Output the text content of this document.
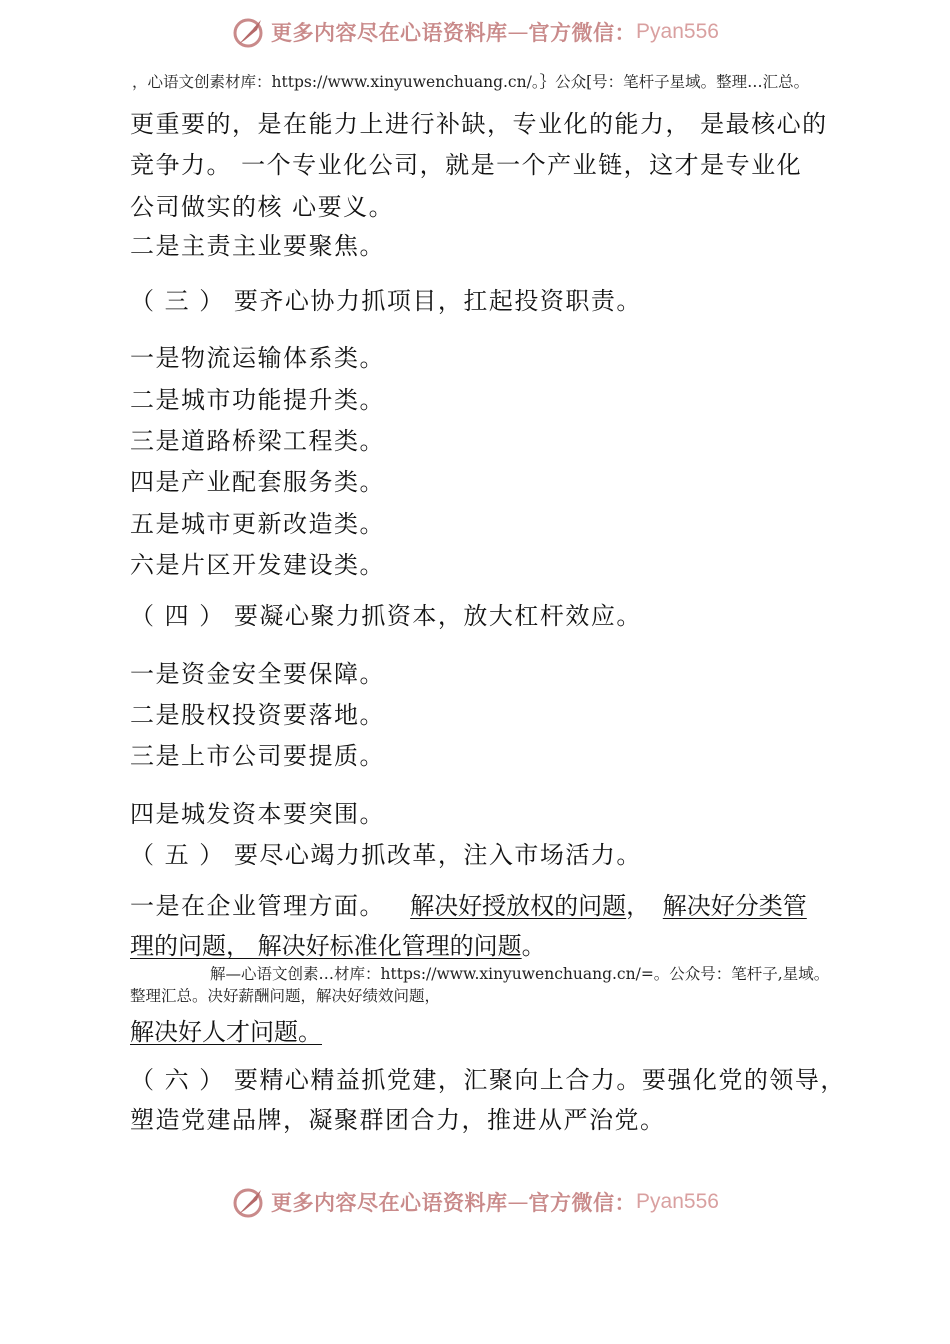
更多内容尽在心语资料库 — 官方微信： Pyan556
，心语文创素材库：https://www.xinyuwenchuang.cn/。｝公众[号：笔杆子星域。整理…汇总。
更重要的，是在能力上进行补缺，专业化的能力， 是最核心的
竞争力。 一个专业化公司，就是一个产业链，这才是专业化
公司做实的核 心要义。
二是主责主业要聚焦。
（ 三 ） 要齐心协力抓项目，扛起投资职责。
一是物流运输体系类。
二是城市功能提升类。
三是道路桥梁工程类。
四是产业配套服务类。
五是城市更新改造类。
六是片区开发建设类。
（ 四 ） 要凝心聚力抓资本，放大杠杆效应。
一是资金安全要保障。
二是股权投资要落地。
三是上市公司要提质。
四是城发资本要突围。
（ 五 ） 要尽心竭力抓改革，注入市场活力。
一是在企业管理方面。 解决好授放权的问题， 解决好分类管
理的问题， 解决好标准化管理的问题。
解—心语文创素…材库：https://www.xinyuwenchuang.cn/=。公众号：笔杆子,星域。
整理汇总。决好薪酬问题，解决好绩效问题，
解决好人才问题。
（ 六 ） 要精心精益抓党建，汇聚向上合力。要强化党的领导，
塑造党建品牌，凝聚群团合力，推进从严治党。
更多内容尽在心语资料库 — 官方微信： Pyan556
